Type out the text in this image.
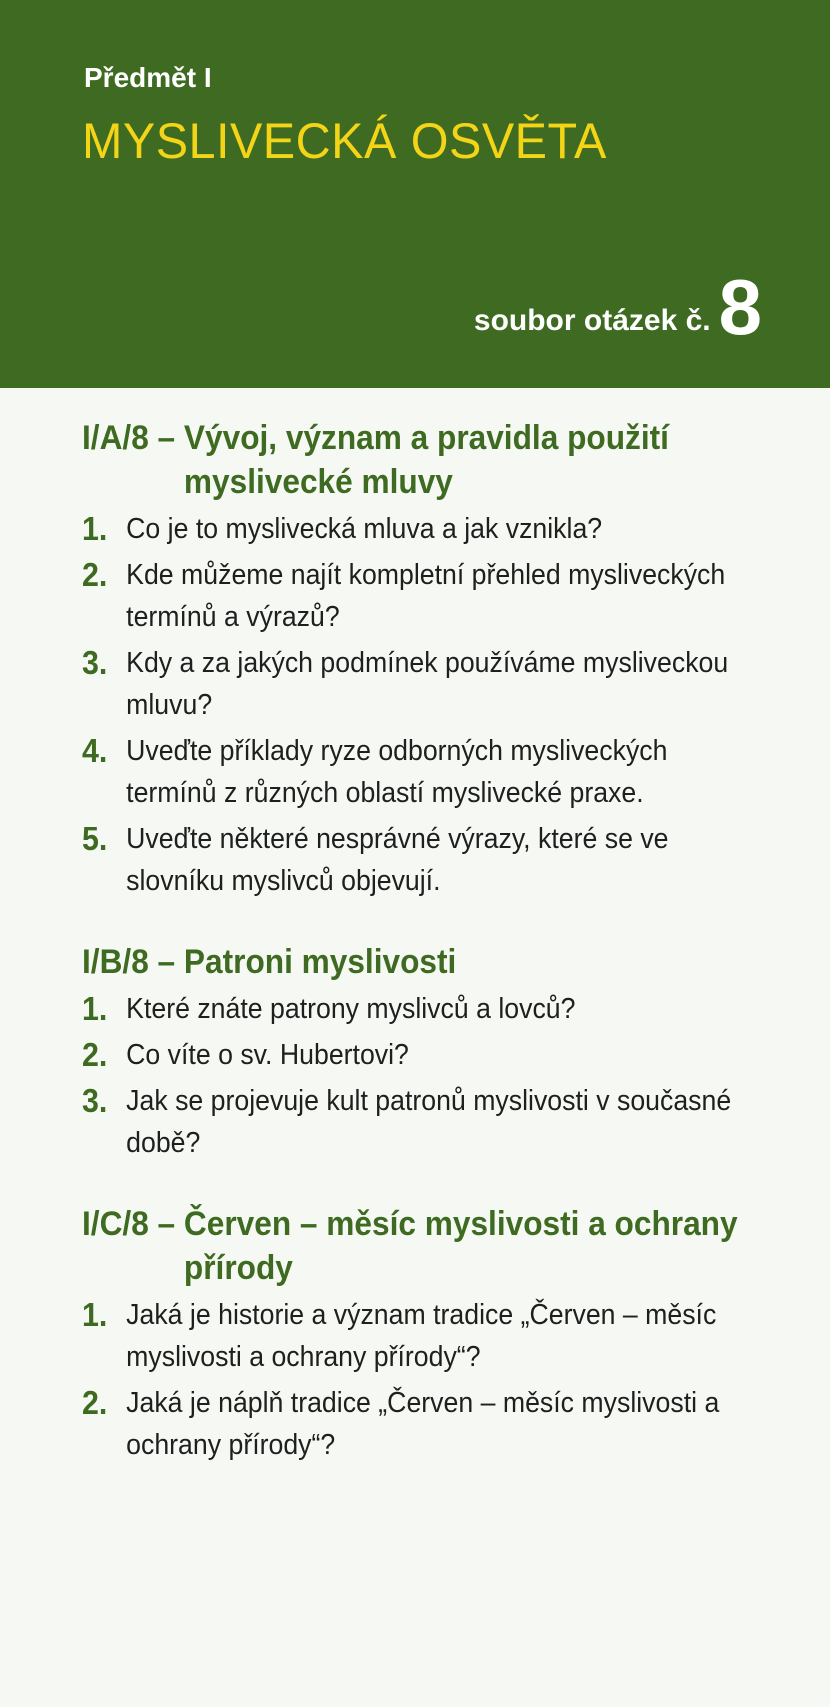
Předmět I
MYSLIVECKÁ OSVĚTA
soubor otázek č. 8
I/A/8 – Vývoj, význam a pravidla použití myslivecké mluvy
1. Co je to myslivecká mluva a jak vznikla?
2. Kde můžeme najít kompletní přehled mysliveckých termínů a výrazů?
3. Kdy a za jakých podmínek používáme mysliveckou mluvu?
4. Uveďte příklady ryze odborných mysliveckých termínů z různých oblastí myslivecké praxe.
5. Uveďte některé nesprávné výrazy, které se ve slovníku myslivců objevují.
I/B/8 – Patroni myslivosti
1. Které znáte patrony myslivců a lovců?
2. Co víte o sv. Hubertovi?
3. Jak se projevuje kult patronů myslivosti v současné době?
I/C/8 – Červen – měsíc myslivosti a ochrany přírody
1. Jaká je historie a význam tradice „Červen – měsíc myslivosti a ochrany přírody“?
2. Jaká je náplň tradice „Červen – měsíc myslivosti a ochrany přírody“?
